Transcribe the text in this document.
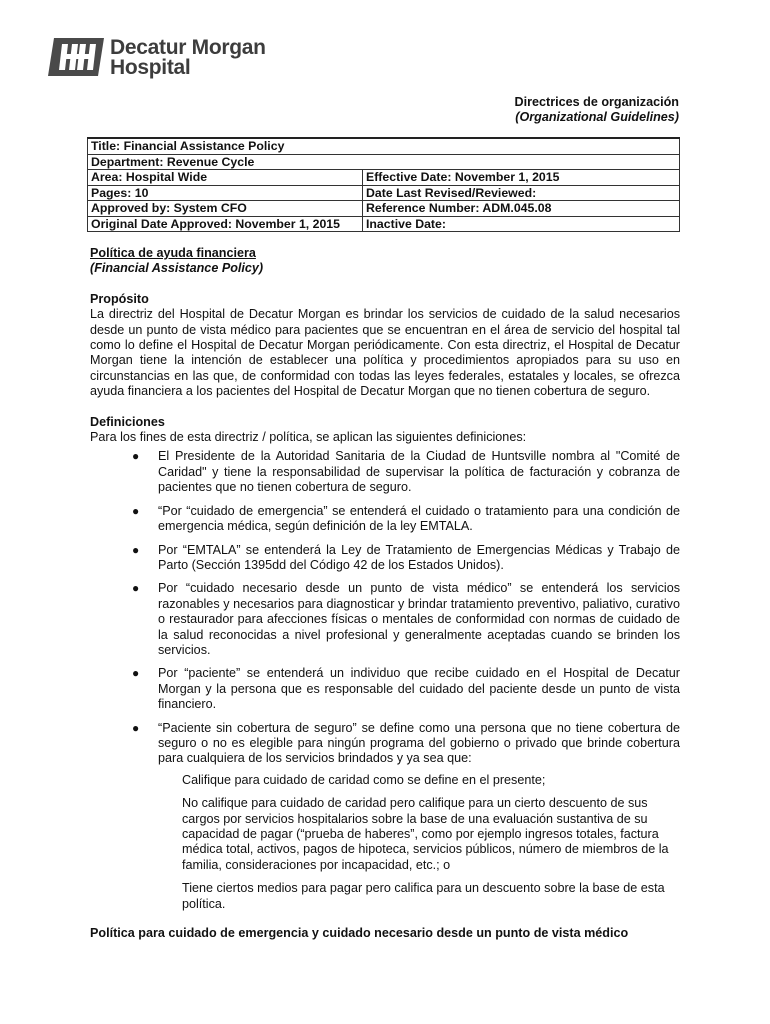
Decatur Morgan
Hospital
Directrices de organización
(Organizational Guidelines)
Title: Financial Assistance Policy	
Department: Revenue Cycle	
Area: Hospital Wide	Effective Date: November 1, 2015
Pages: 10	Date Last Revised/Reviewed:
Approved by: System CFO	Reference Number: ADM.045.08
Original Date Approved: November 1, 2015	Inactive Date:
Política de ayuda financiera
(Financial Assistance Policy)
Propósito

La directriz del Hospital de Decatur Morgan es brindar los servicios de cuidado de la salud necesarios desde un punto de vista médico para pacientes que se encuentran en el área de servicio del hospital tal como lo define el Hospital de Decatur Morgan periódicamente. Con esta directriz, el Hospital de Decatur Morgan tiene la intención de establecer una política y procedimientos apropiados para su uso en circunstancias en las que, de conformidad con todas las leyes federales, estatales y locales, se ofrezca ayuda financiera a los pacientes del Hospital de Decatur Morgan que no tienen cobertura de seguro.

Definiciones

Para los fines de esta directriz / política, se aplican las siguientes definiciones:

● El Presidente de la Autoridad Sanitaria de la Ciudad de Huntsville nombra al "Comité de Caridad" y tiene la responsabilidad de supervisar la política de facturación y cobranza de pacientes que no tienen cobertura de seguro.
● “Por “cuidado de emergencia” se entenderá el cuidado o tratamiento para una condición de emergencia médica, según definición de la ley EMTALA.
● Por “EMTALA” se entenderá la Ley de Tratamiento de Emergencias Médicas y Trabajo de Parto (Sección 1395dd del Código 42 de los Estados Unidos).
● Por “cuidado necesario desde un punto de vista médico” se entenderá los servicios razonables y necesarios para diagnosticar y brindar tratamiento preventivo, paliativo, curativo o restaurador para afecciones físicas o mentales de conformidad con normas de cuidado de la salud reconocidas a nivel profesional y generalmente aceptadas cuando se brinden los servicios.
● Por “paciente” se entenderá un individuo que recibe cuidado en el Hospital de Decatur Morgan y la persona que es responsable del cuidado del paciente desde un punto de vista financiero.
● “Paciente sin cobertura de seguro” se define como una persona que no tiene cobertura de seguro o no es elegible para ningún programa del gobierno o privado que brinde cobertura para cualquiera de los servicios brindados y ya sea que:

Califique para cuidado de caridad como se define en el presente;

No califique para cuidado de caridad pero califique para un cierto descuento de sus cargos por servicios hospitalarios sobre la base de una evaluación sustantiva de su capacidad de pagar (“prueba de haberes”, como por ejemplo ingresos totales, factura médica total, activos, pagos de hipoteca, servicios públicos, número de miembros de la familia, consideraciones por incapacidad, etc.; o

Tiene ciertos medios para pagar pero califica para un descuento sobre la base de esta política.

Política para cuidado de emergencia y cuidado necesario desde un punto de vista médico
